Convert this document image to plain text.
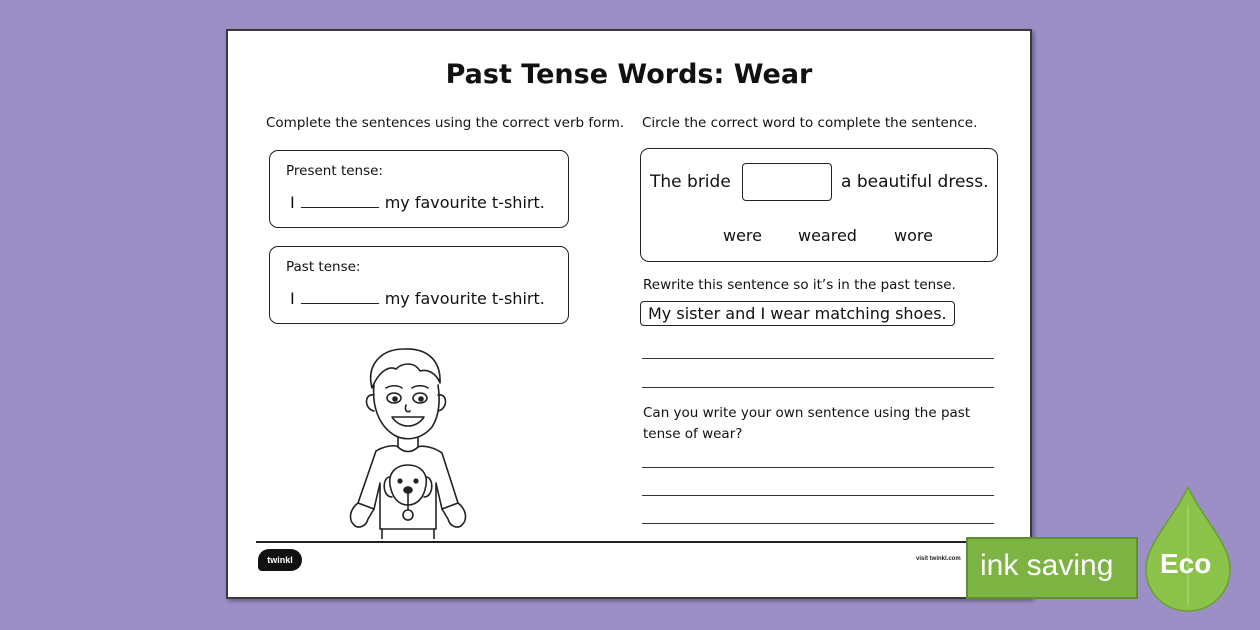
Past Tense Words: Wear
Complete the sentences using the correct verb form. Circle the correct word to complete the sentence.
Present tense:
I	my favourite t-shirt.
Past tense:
I	my favourite t-shirt.
The bride	a beautiful dress.
were weared wore
Rewrite this sentence so it’s in the past tense.
My sister and I wear matching shoes.
Can you write your own sentence using the past
tense of wear?
twinkl	visit twinkl.com ink saving Eco
